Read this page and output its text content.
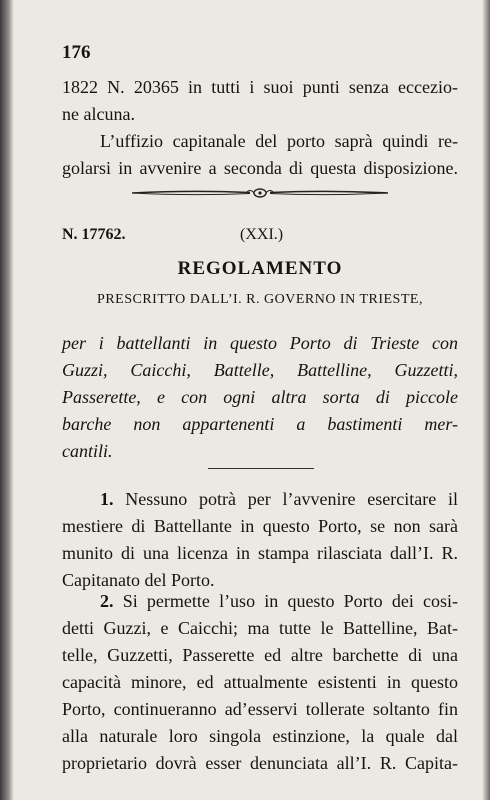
176
1822 N. 20365 in tutti i suoi punti senza eccezio-
ne alcuna.
L’uffizio capitanale del porto saprà quindi re-
golarsi in avvenire a seconda di questa disposizione.
N. 17762.	(XXI.)
REGOLAMENTO
PRESCRITTO DALL’I. R. GOVERNO IN TRIESTE,
per i battellanti in questo Porto di Trieste con
Guzzi, Caicchi, Battelle, Battelline, Guzzetti,
Passerette, e con ogni altra sorta di piccole
barche non appartenenti a bastimenti mer-
cantili.
1. Nessuno potrà per l’avvenire esercitare il
mestiere di Battellante in questo Porto, se non sarà
munito di una licenza in stampa rilasciata dall’I. R.
Capitanato del Porto.
2. Si permette l’uso in questo Porto dei cosi-
detti Guzzi, e Caicchi; ma tutte le Battelline, Bat-
telle, Guzzetti, Passerette ed altre barchette di una
capacità minore, ed attualmente esistenti in questo
Porto, continueranno ad’esservi tollerate soltanto fin
alla naturale loro singola estinzione, la quale dal
proprietario dovrà esser denunciata all’I. R. Capita-
